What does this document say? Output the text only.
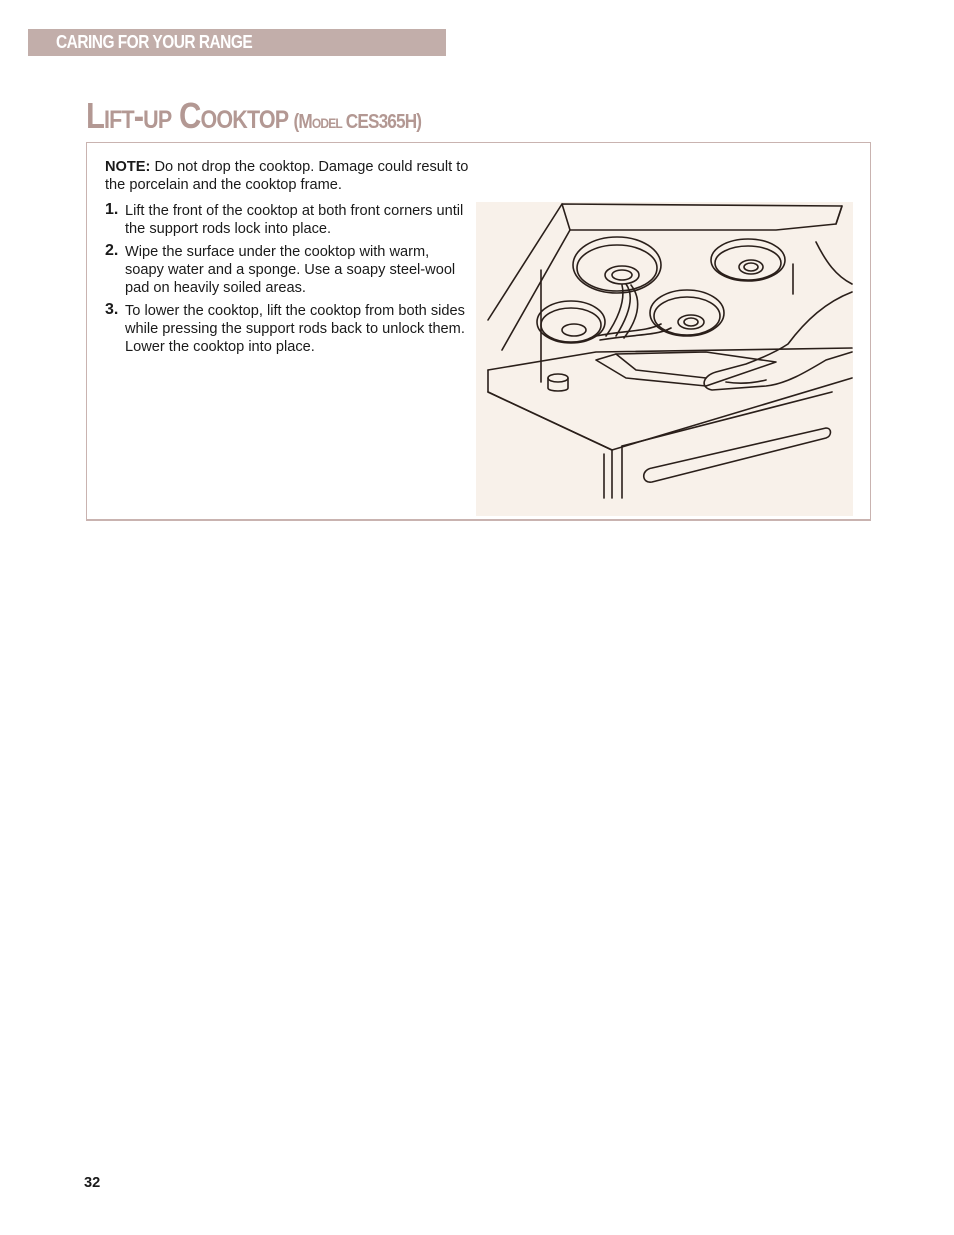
CARING FOR YOUR RANGE
Lift-up Cooktop (Model CES365H)

NOTE: Do not drop the cooktop. Damage could result to the porcelain and the cooktop frame.

1. Lift the front of the cooktop at both front corners until the support rods lock into place.
2. Wipe the surface under the cooktop with warm, soapy water and a sponge. Use a soapy steel-wool pad on heavily soiled areas.
3. To lower the cooktop, lift the cooktop from both sides while pressing the support rods back to unlock them. Lower the cooktop into place.
32
